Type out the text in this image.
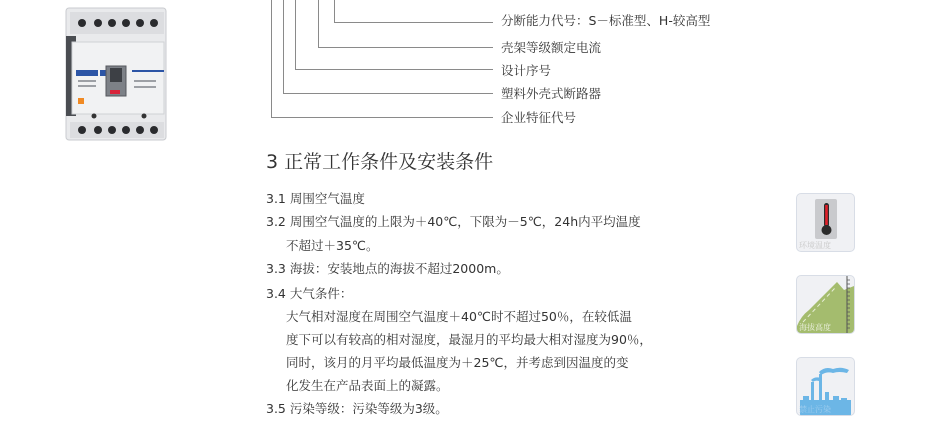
分断能力代号：S－标准型、H-较高型
壳架等级额定电流
设计序号
塑料外壳式断路器
企业特征代号
3 正常工作条件及安装条件
3.1 周围空气温度
3.2 周围空气温度的上限为＋40℃，下限为－5℃，24h内平均温度
不超过＋35℃。
3.3 海拔：安装地点的海拔不超过2000m。
3.4 大气条件：
大气相对湿度在周围空气温度＋40℃时不超过50％，在较低温
度下可以有较高的相对湿度，最湿月的平均最大相对湿度为90％，
同时，该月的月平均最低温度为＋25℃，并考虑到因温度的变
化发生在产品表面上的凝露。
3.5 污染等级：污染等级为3级。
环境温度
海拔高度
禁止污染
